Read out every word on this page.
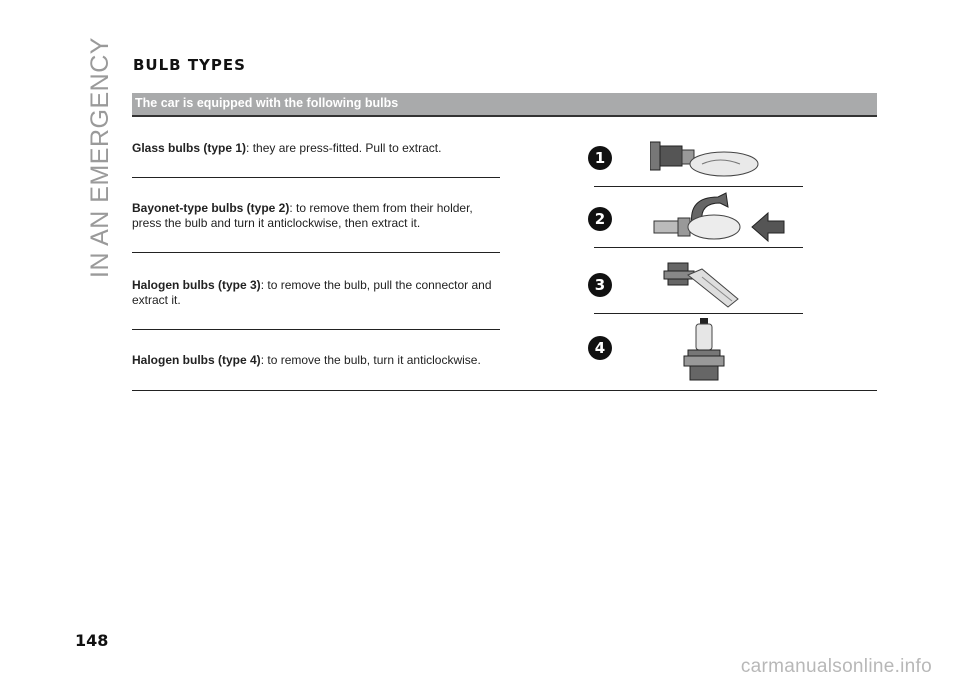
IN AN EMERGENCY BULB TYPES
The car is equipped with the following bulbs
Glass bulbs (type 1): they are press-fitted. Pull to extract.
Bayonet-type bulbs (type 2): to remove them from their holder, press the bulb and turn it anticlockwise, then extract it.
Halogen bulbs (type 3): to remove the bulb, pull the connector and extract it.
Halogen bulbs (type 4): to remove the bulb, turn it anticlockwise.
1
2
3
4
148
carmanualsonline.info
